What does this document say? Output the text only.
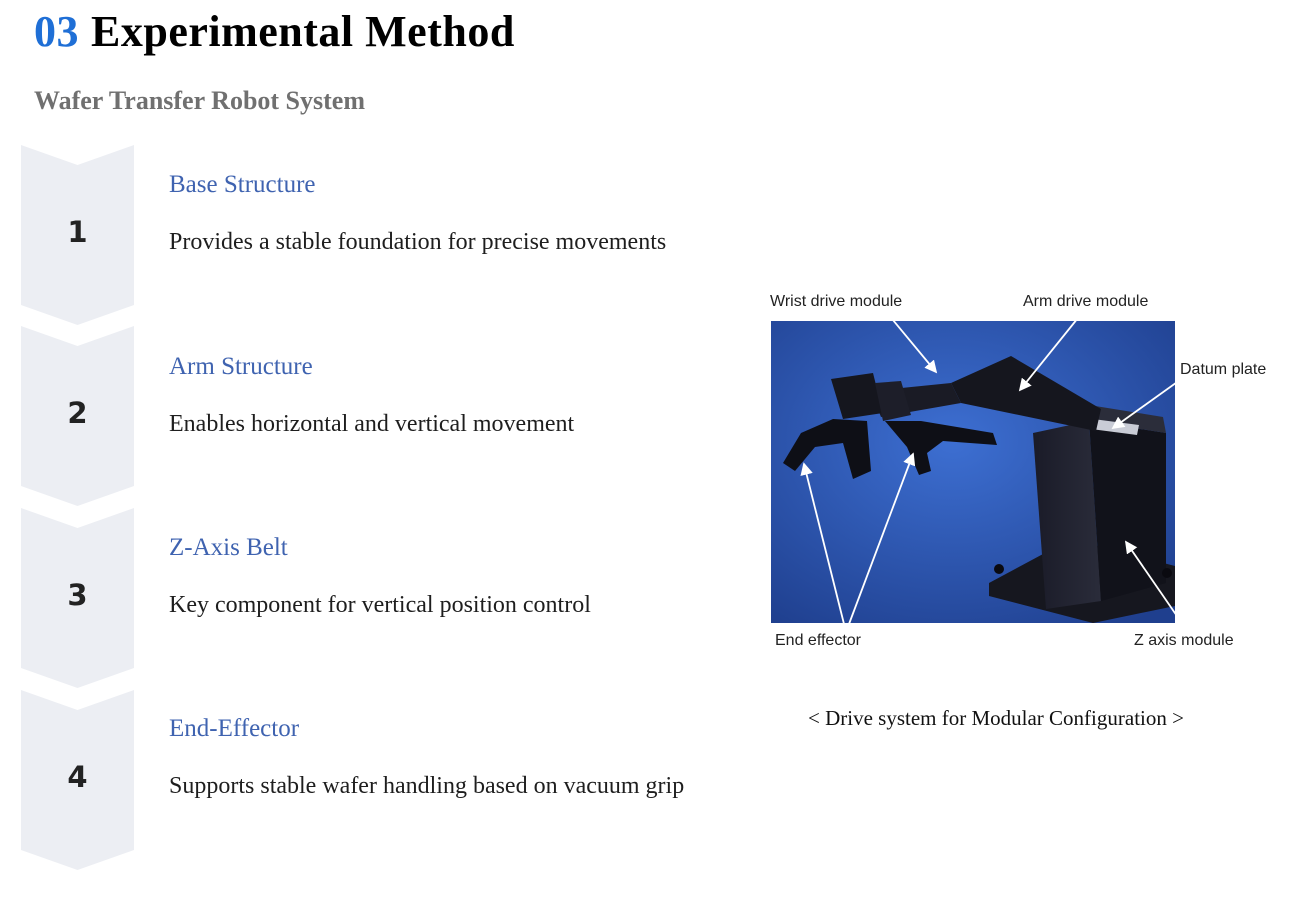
03 Experimental Method
Wafer Transfer Robot System
1
2
3
4
Base Structure
Provides a stable foundation for precise movements
Arm Structure
Enables horizontal and vertical movement
Z-Axis Belt
Key component for vertical position control
End-Effector
Supports stable wafer handling based on vacuum grip
Wrist drive module	Arm drive module
Datum plate
End effector	Z axis module
< Drive system for Modular Configuration >
